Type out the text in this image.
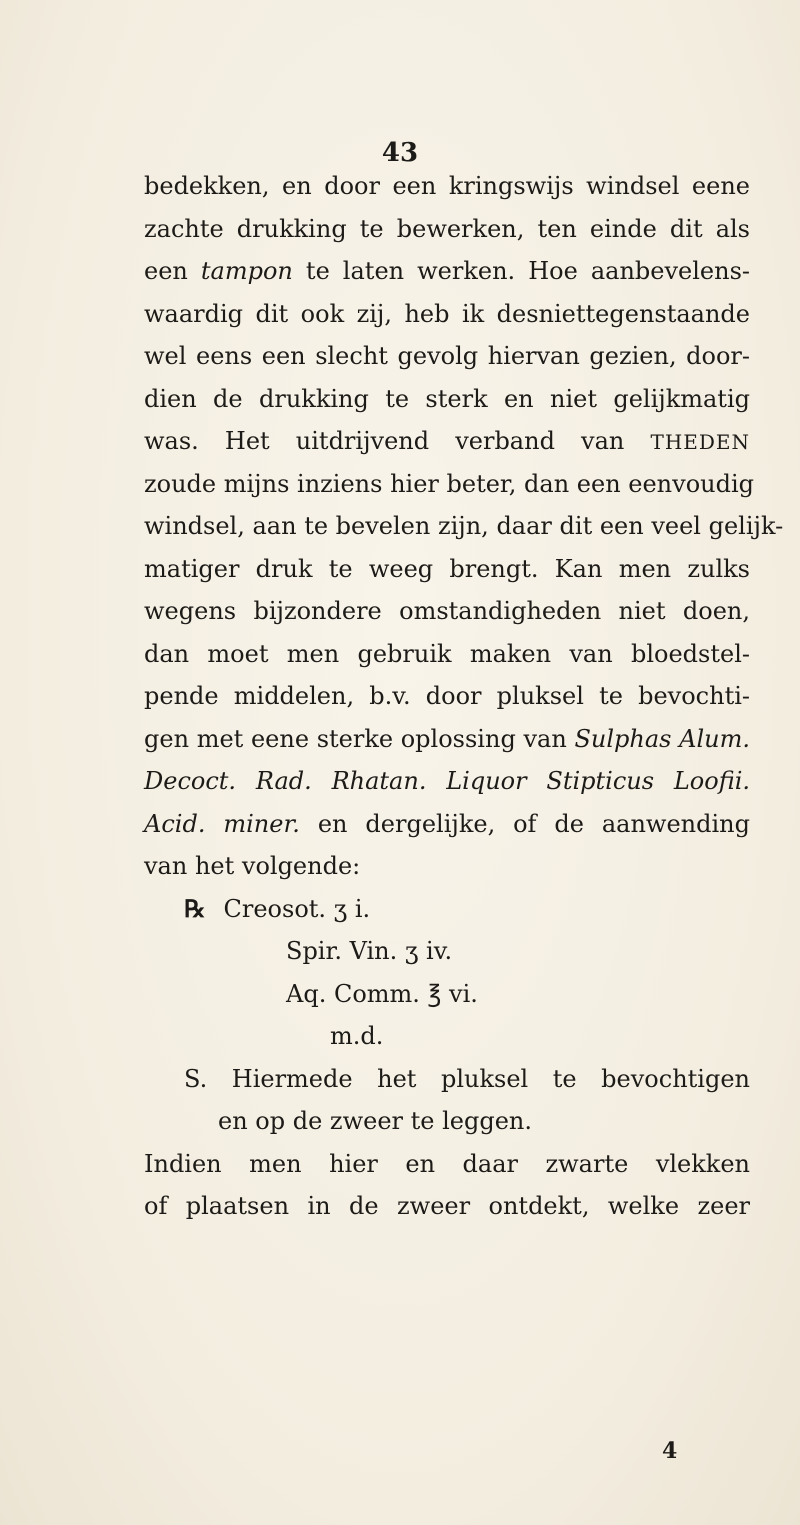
43
bedekken, en door een kringswijs windsel eene
zachte drukking te bewerken, ten einde dit als
een tampon te laten werken. Hoe aanbevelens-
waardig dit ook zij, heb ik desniettegenstaande
wel eens een slecht gevolg hiervan gezien, door-
dien de drukking te sterk en niet gelijkmatig
was. Het uitdrijvend verband van THEDEN
zoude mijns inziens hier beter, dan een eenvoudig
windsel, aan te bevelen zijn, daar dit een veel gelijk-
matiger druk te weeg brengt. Kan men zulks
wegens bijzondere omstandigheden niet doen,
dan moet men gebruik maken van bloedstel-
pende middelen, b.v. door pluksel te bevochti-
gen met eene sterke oplossing van Sulphas Alum.
Decoct. Rad. Rhatan. Liquor Stipticus Loofii.
Acid. miner. en dergelijke, of de aanwending
van het volgende:
℞ Creosot. ʒ i.
Spir. Vin. ʒ iv.
Aq. Comm. ℥ vi.
m.d.
S. Hiermede het pluksel te bevochtigen
en op de zweer te leggen.
Indien men hier en daar zwarte vlekken
of plaatsen in de zweer ontdekt, welke zeer
4
